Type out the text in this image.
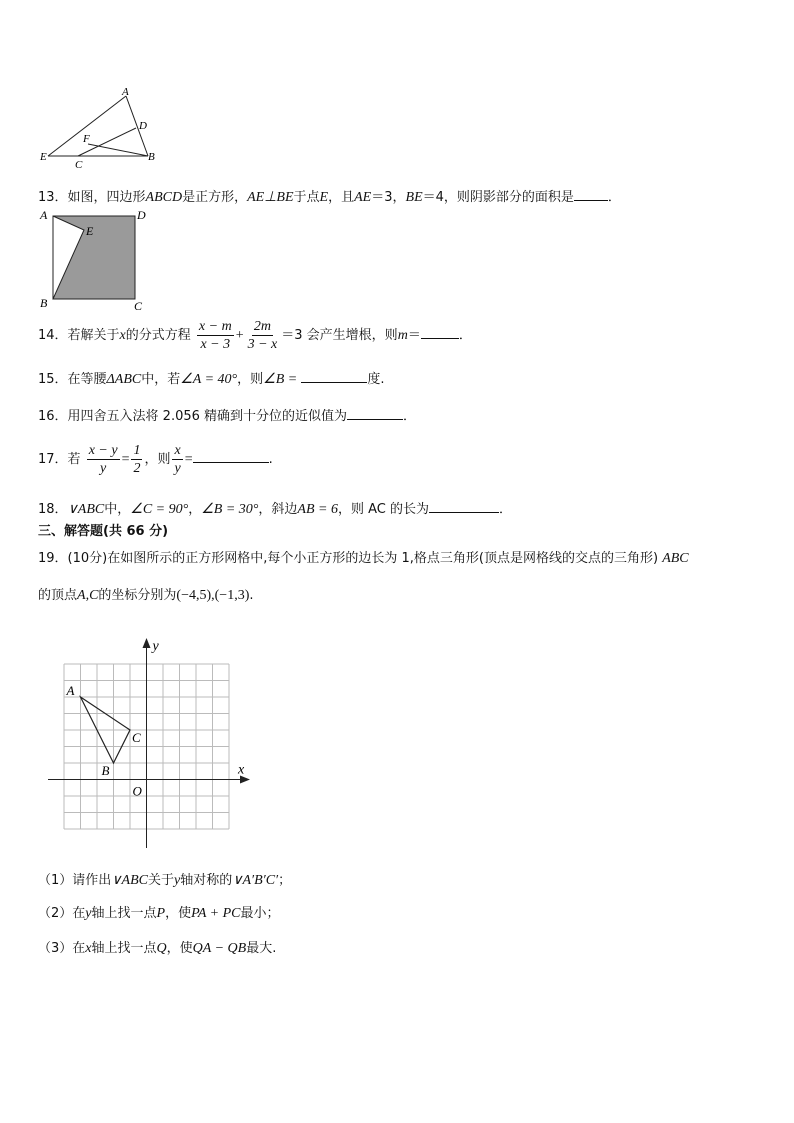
A
D
F
E
C
B
13．如图，四边形ABCD是正方形，AE⊥BE于点E，且AE＝3，BE＝4，则阴影部分的面积是	．
A	D
E
B	C
14．若解关于x的分式方程 $\frac{x - m}{x - 3} + \frac{2m}{3 - x} =3$ 会产生增根，则m＝	．
15．在等腰ΔABC中，若∠A = 40°，则∠B =	度.
16．用四舍五入法将 2.056 精确到十分位的近似值为	．
17．若 $\frac{x - y}{y} = \frac{1}{2}$ ，则 $\frac{x}{y}$ =	.
18．∨ABC中，∠C = 90°，∠B = 30°，斜边AB = 6，则 AC 的长为	．
三、解答题(共 66 分)
19．(10分)在如图所示的正方形网格中,每个小正方形的边长为 1,格点三角形(顶点是网格线的交点的三角形) ABC
的顶点A,C的坐标分别为(−4,5),(−1,3).
x
y
O
A
B
C
（1）请作出∨ABC关于y轴对称的∨A′B′C′；
（2）在y轴上找一点P，使PA + PC最小；
（3）在x轴上找一点Q，使QA − QB最大.
